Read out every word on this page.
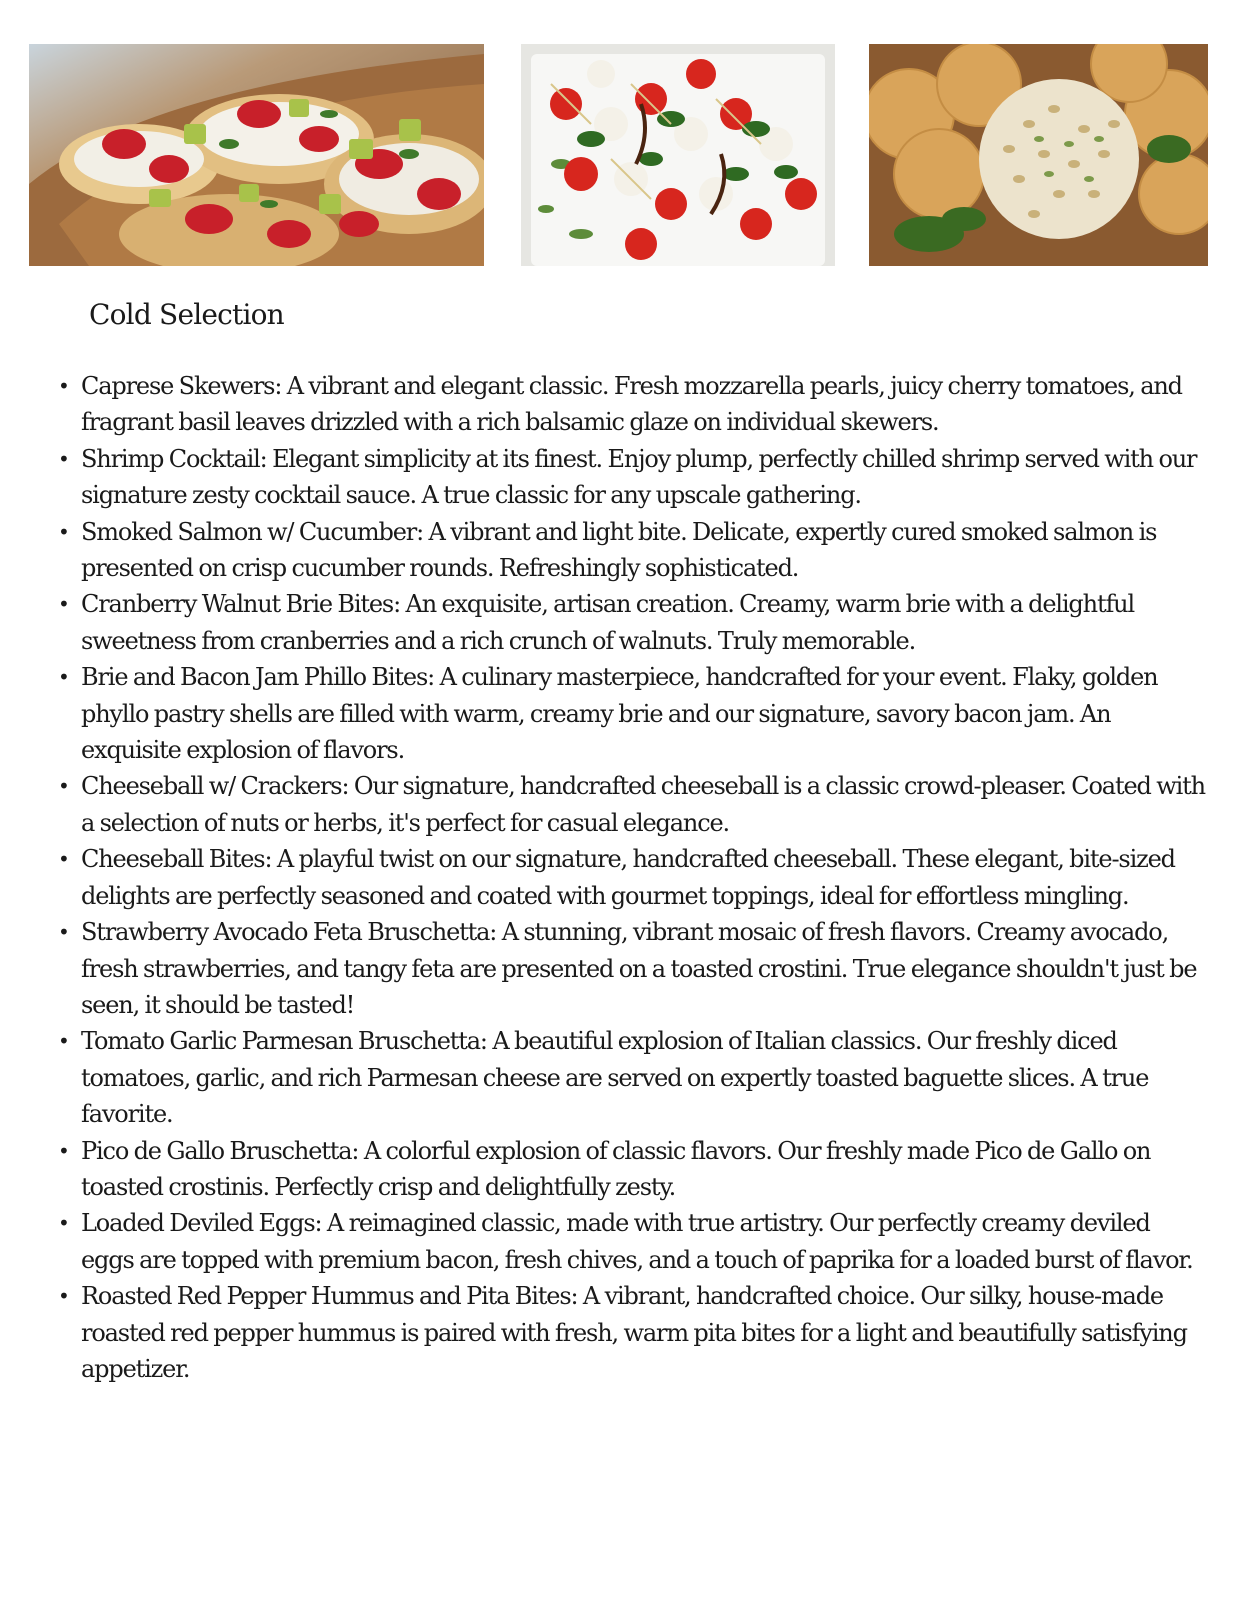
Cold Selection
• Caprese Skewers: A vibrant and elegant classic. Fresh mozzarella pearls, juicy cherry tomatoes, and fragrant basil leaves drizzled with a rich balsamic glaze on individual skewers.
• Shrimp Cocktail: Elegant simplicity at its finest. Enjoy plump, perfectly chilled shrimp served with our signature zesty cocktail sauce. A true classic for any upscale gathering.
• Smoked Salmon w/ Cucumber: A vibrant and light bite. Delicate, expertly cured smoked salmon is presented on crisp cucumber rounds. Refreshingly sophisticated.
• Cranberry Walnut Brie Bites: An exquisite, artisan creation. Creamy, warm brie with a delightful sweetness from cranberries and a rich crunch of walnuts. Truly memorable.
• Brie and Bacon Jam Phillo Bites: A culinary masterpiece, handcrafted for your event. Flaky, golden phyllo pastry shells are filled with warm, creamy brie and our signature, savory bacon jam. An exquisite explosion of flavors.
• Cheeseball w/ Crackers: Our signature, handcrafted cheeseball is a classic crowd-pleaser. Coated with a selection of nuts or herbs, it's perfect for casual elegance.
• Cheeseball Bites: A playful twist on our signature, handcrafted cheeseball. These elegant, bite-sized delights are perfectly seasoned and coated with gourmet toppings, ideal for effortless mingling.
• Strawberry Avocado Feta Bruschetta: A stunning, vibrant mosaic of fresh flavors. Creamy avocado, fresh strawberries, and tangy feta are presented on a toasted crostini. True elegance shouldn't just be seen, it should be tasted!
• Tomato Garlic Parmesan Bruschetta: A beautiful explosion of Italian classics. Our freshly diced tomatoes, garlic, and rich Parmesan cheese are served on expertly toasted baguette slices. A true favorite.
• Pico de Gallo Bruschetta: A colorful explosion of classic flavors. Our freshly made Pico de Gallo on toasted crostinis. Perfectly crisp and delightfully zesty.
• Loaded Deviled Eggs: A reimagined classic, made with true artistry. Our perfectly creamy deviled eggs are topped with premium bacon, fresh chives, and a touch of paprika for a loaded burst of flavor.
• Roasted Red Pepper Hummus and Pita Bites: A vibrant, handcrafted choice. Our silky, house-made roasted red pepper hummus is paired with fresh, warm pita bites for a light and beautifully satisfying appetizer.
